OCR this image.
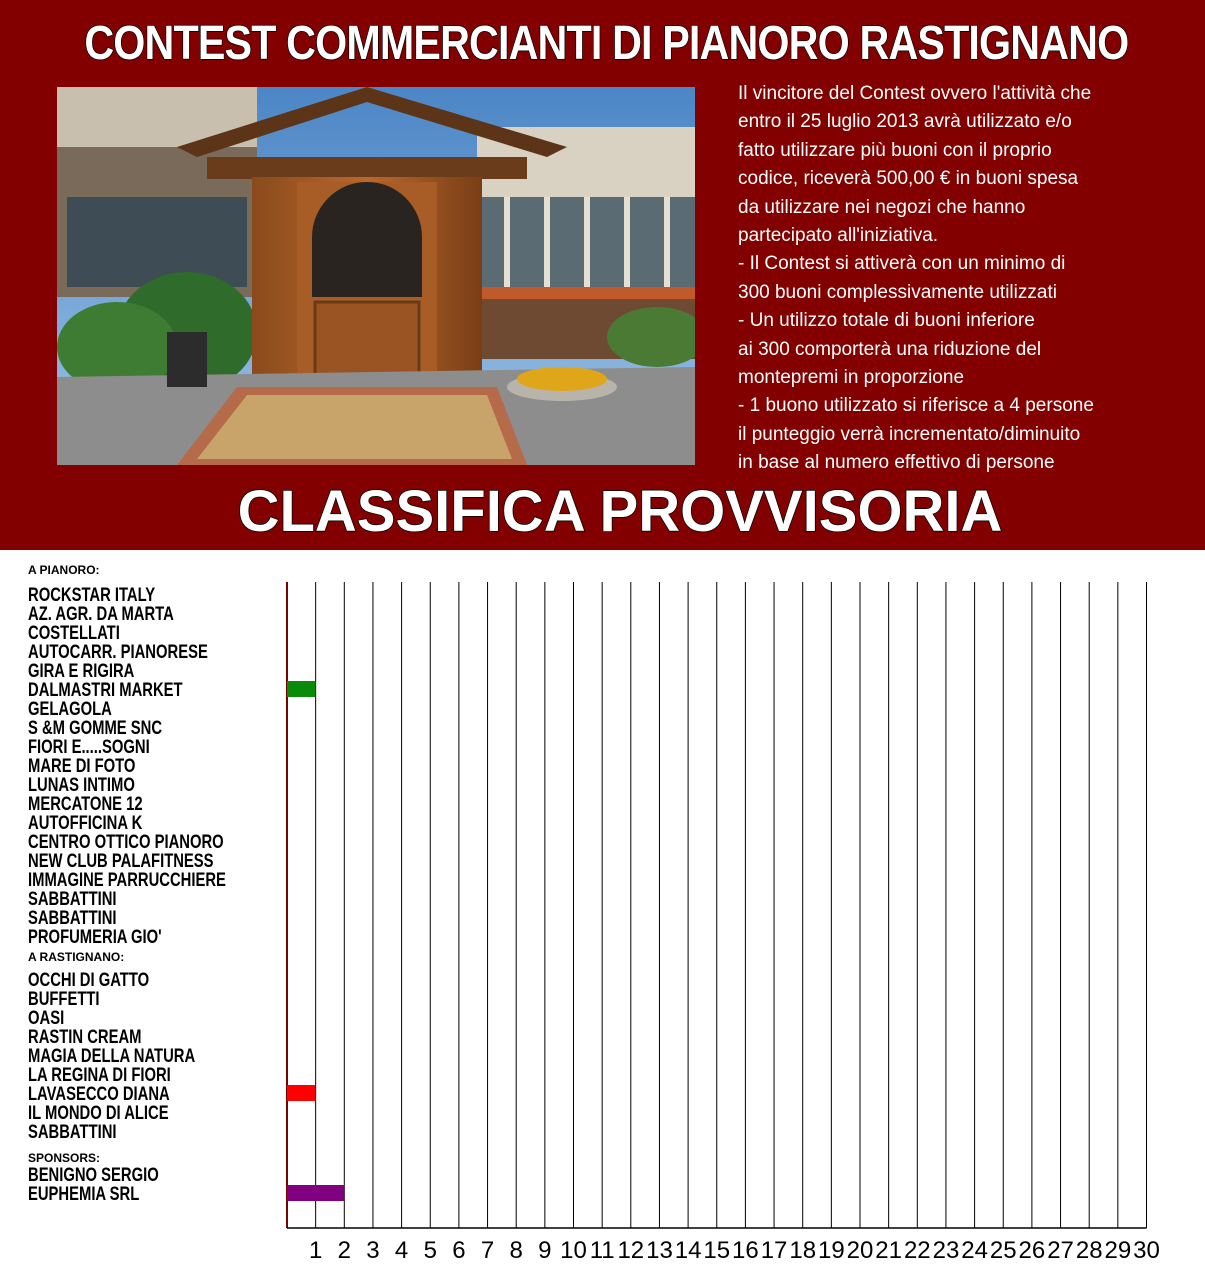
CONTEST COMMERCIANTI DI PIANORO RASTIGNANO
Il vincitore del Contest ovvero l'attività che
entro il 25 luglio 2013 avrà utilizzato e/o
fatto utilizzare più buoni con il proprio
codice, riceverà 500,00 € in buoni spesa
da utilizzare nei negozi che hanno
partecipato all'iniziativa.
- Il Contest si attiverà con un minimo di
300 buoni complessivamente utilizzati
- Un utilizzo totale di buoni inferiore
ai 300 comporterà una riduzione del
montepremi in proporzione
- 1 buono utilizzato si riferisce a 4 persone
il punteggio verrà incrementato/diminuito
in base al numero effettivo di persone
CLASSIFICA PROVVISORIA
1 2 3 4 5 6 7 8 9 10 11 12 13 14 15 16 17 18 19 20 21 22 23 24 25 26 27 28 29 30
A PIANORO:
ROCKSTAR ITALY
AZ. AGR. DA MARTA
COSTELLATI
AUTOCARR. PIANORESE
GIRA E RIGIRA
DALMASTRI MARKET
GELAGOLA
S &M GOMME SNC
FIORI E.....SOGNI
MARE DI FOTO
LUNAS INTIMO
MERCATONE 12
AUTOFFICINA K
CENTRO OTTICO PIANORO
NEW CLUB PALAFITNESS
IMMAGINE PARRUCCHIERE
SABBATTINI
SABBATTINI
PROFUMERIA GIO'
A RASTIGNANO:
OCCHI DI GATTO
BUFFETTI
OASI
RASTIN CREAM
MAGIA DELLA NATURA
LA REGINA DI FIORI
LAVASECCO DIANA
IL MONDO DI ALICE
SABBATTINI
SPONSORS:
BENIGNO SERGIO
EUPHEMIA SRL
